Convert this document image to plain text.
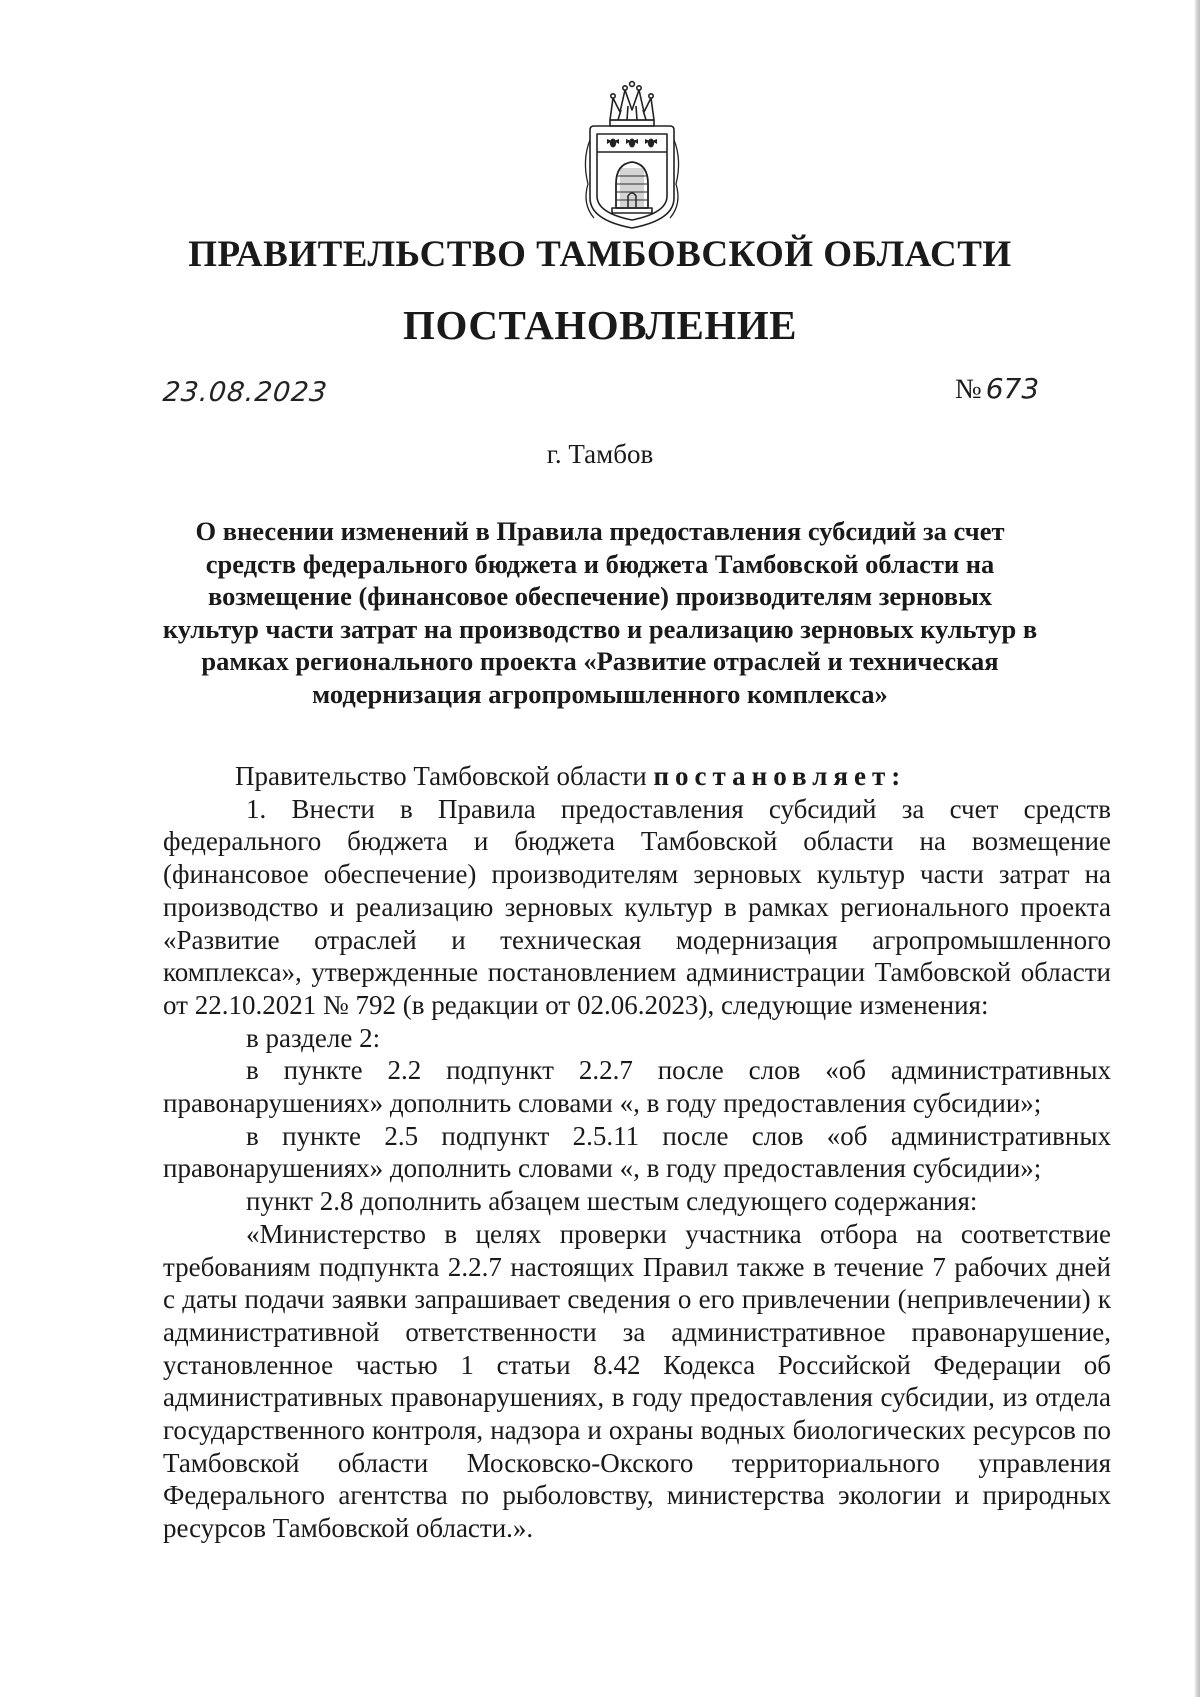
ПРАВИТЕЛЬСТВО ТАМБОВСКОЙ ОБЛАСТИ
ПОСТАНОВЛЕНИЕ
23.08.2023	№ 673
г. Тамбов
О внесении изменений в Правила предоставления субсидий за счет
средств федерального бюджета и бюджета Тамбовской области на
возмещение (финансовое обеспечение) производителям зерновых
культур части затрат на производство и реализацию зерновых культур в
рамках регионального проекта «Развитие отраслей и техническая
модернизация агропромышленного комплекса»

Правительство Тамбовской области постановляет:

1. Внести в Правила предоставления субсидий за счет средств федерального бюджета и бюджета Тамбовской области на возмещение (финансовое обеспечение) производителям зерновых культур части затрат на производство и реализацию зерновых культур в рамках регионального проекта «Развитие отраслей и техническая модернизация агропромышленного комплекса», утвержденные постановлением администрации Тамбовской области от 22.10.2021 № 792 (в редакции от 02.06.2023), следующие изменения:

в разделе 2:

в пункте 2.2 подпункт 2.2.7 после слов «об административных правонарушениях» дополнить словами «, в году предоставления субсидии»;

в пункте 2.5 подпункт 2.5.11 после слов «об административных правонарушениях» дополнить словами «, в году предоставления субсидии»;

пункт 2.8 дополнить абзацем шестым следующего содержания:

«Министерство в целях проверки участника отбора на соответствие требованиям подпункта 2.2.7 настоящих Правил также в течение 7 рабочих дней с даты подачи заявки запрашивает сведения о его привлечении (непривлечении) к административной ответственности за административное правонарушение, установленное частью 1 статьи 8.42 Кодекса Российской Федерации об административных правонарушениях, в году предоставления субсидии, из отдела государственного контроля, надзора и охраны водных биологических ресурсов по Тамбовской области Московско-Окского территориального управления Федерального агентства по рыболовству, министерства экологии и природных ресурсов Тамбовской области.».
